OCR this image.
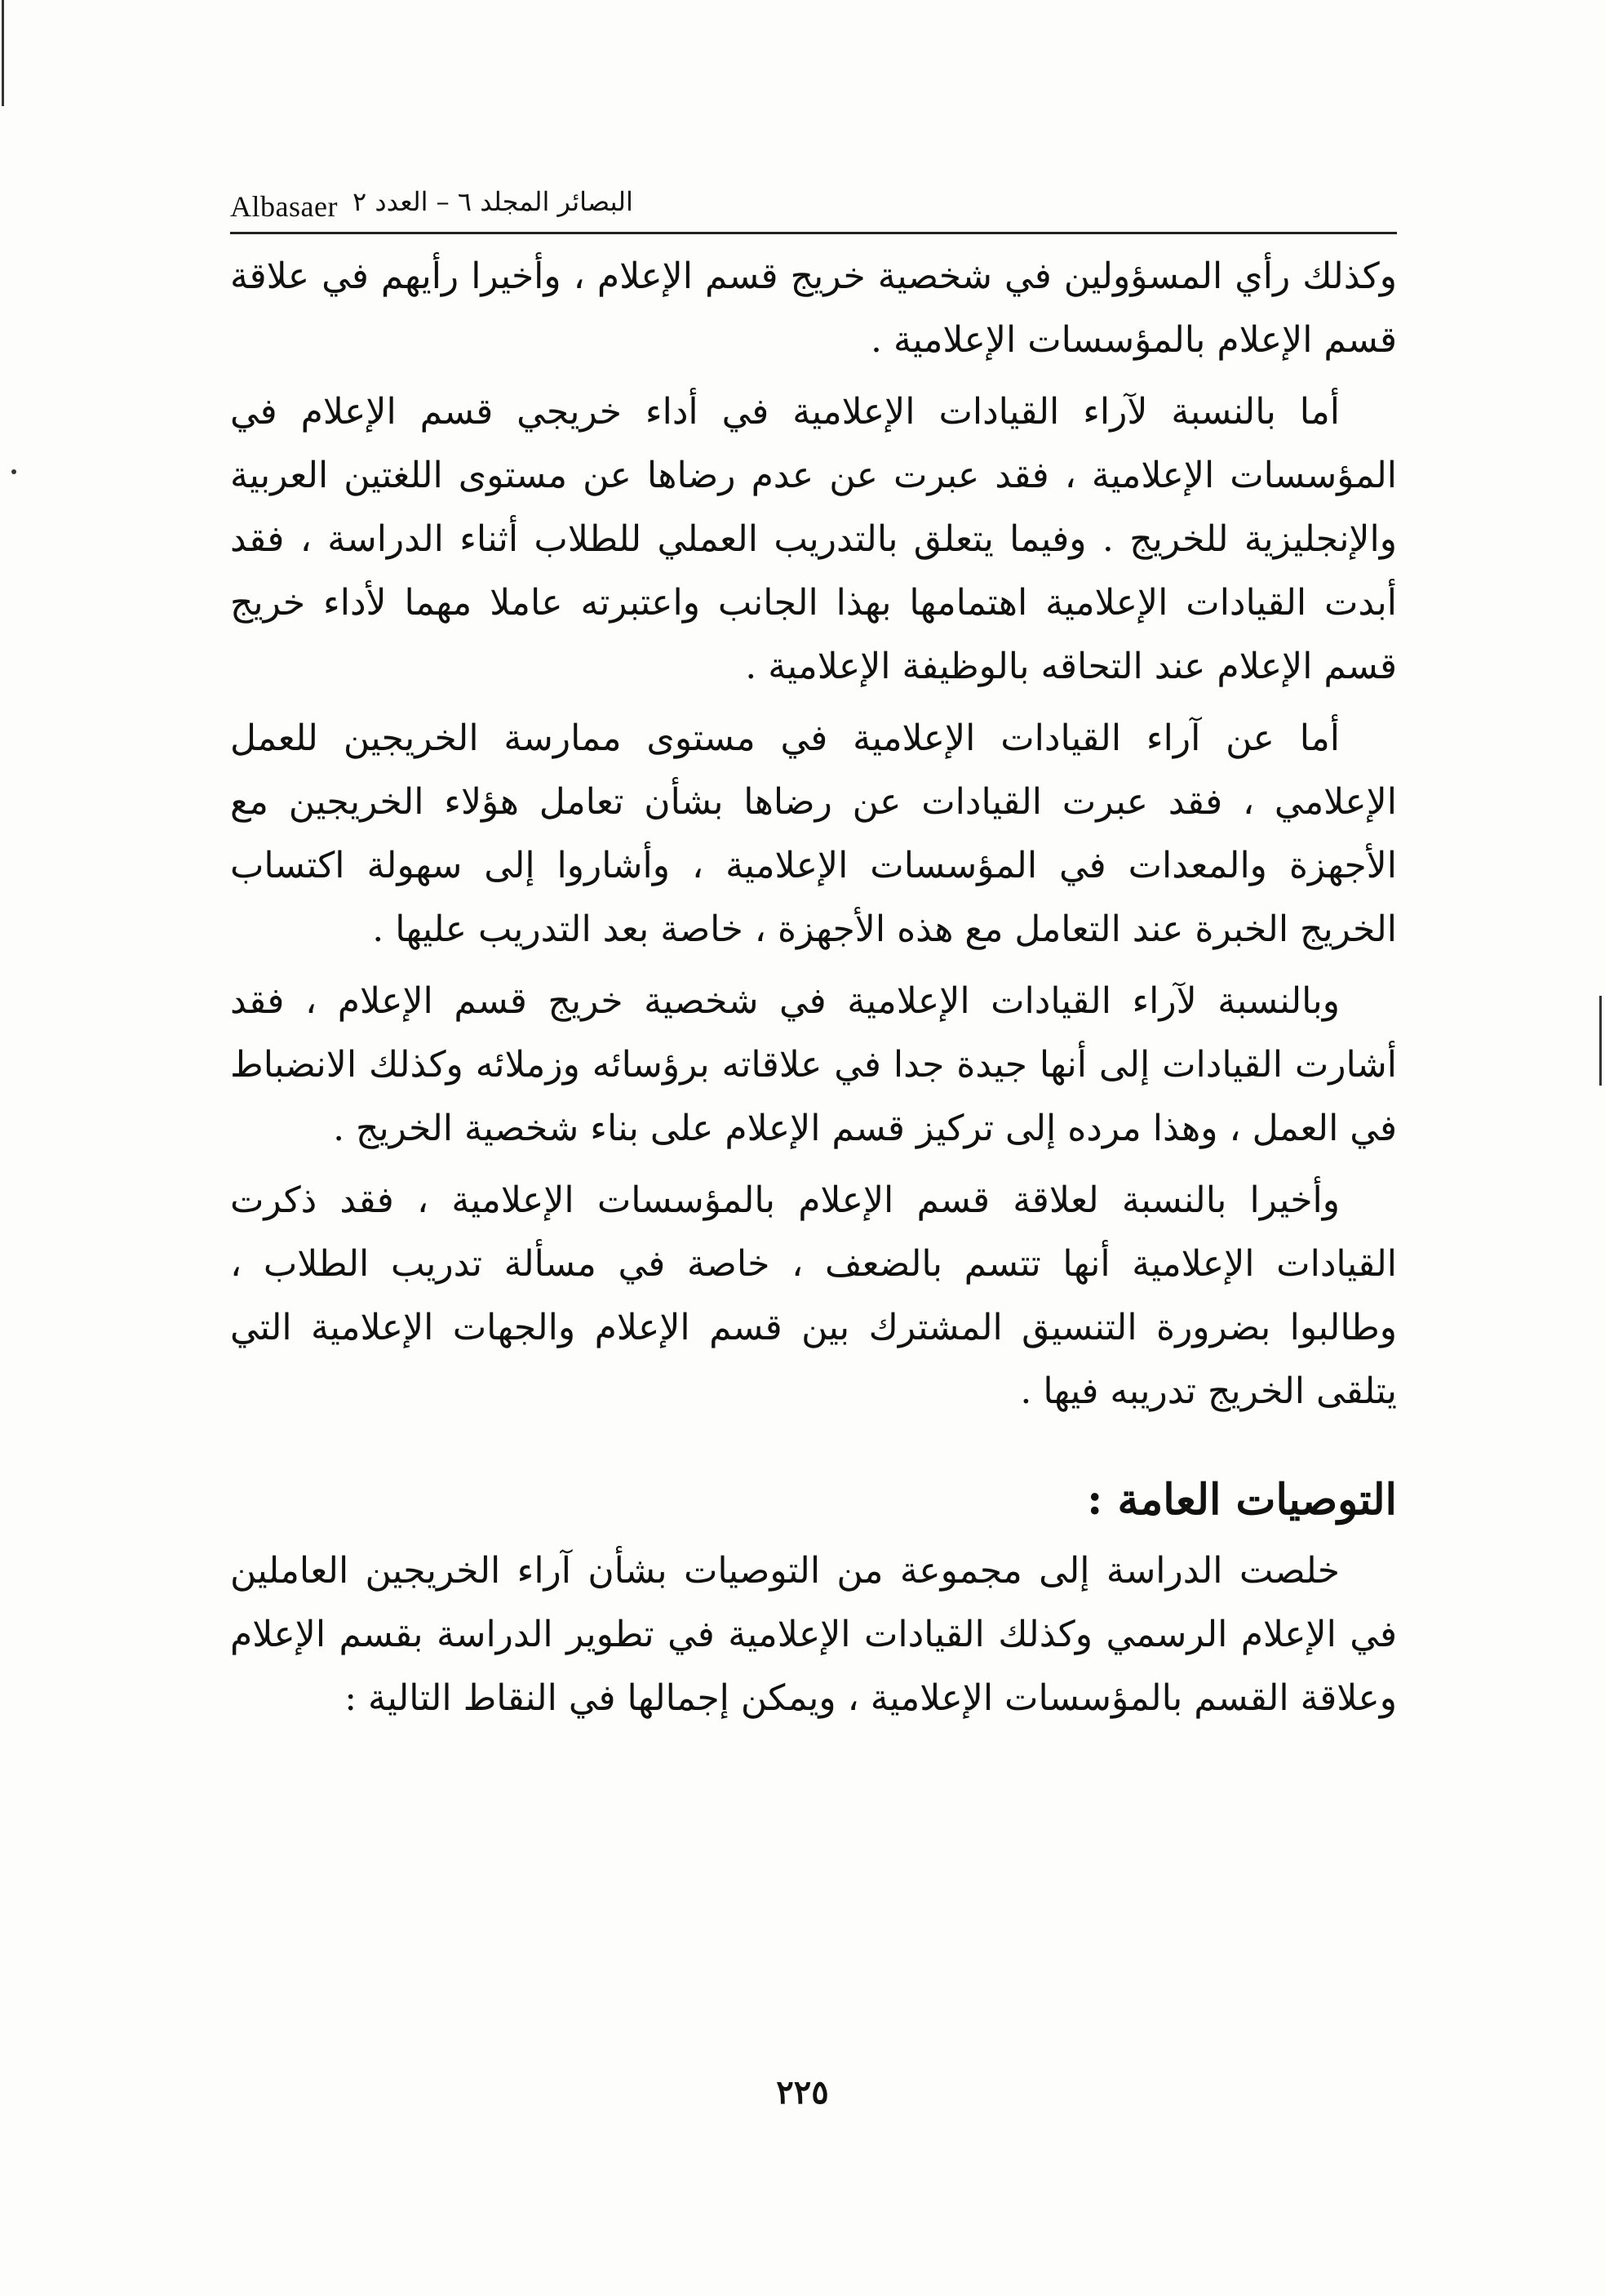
Albasaer البصائر المجلد ٦ – العدد ٢

وكذلك رأي المسؤولين في شخصية خريج قسم الإعلام ، وأخيرا رأيهم في علاقة قسم الإعلام بالمؤسسات الإعلامية .

أما بالنسبة لآراء القيادات الإعلامية في أداء خريجي قسم الإعلام في المؤسسات الإعلامية ، فقد عبرت عن عدم رضاها عن مستوى اللغتين العربية والإنجليزية للخريج . وفيما يتعلق بالتدريب العملي للطلاب أثناء الدراسة ، فقد أبدت القيادات الإعلامية اهتمامها بهذا الجانب واعتبرته عاملا مهما لأداء خريج قسم الإعلام عند التحاقه بالوظيفة الإعلامية .

أما عن آراء القيادات الإعلامية في مستوى ممارسة الخريجين للعمل الإعلامي ، فقد عبرت القيادات عن رضاها بشأن تعامل هؤلاء الخريجين مع الأجهزة والمعدات في المؤسسات الإعلامية ، وأشاروا إلى سهولة اكتساب الخريج الخبرة عند التعامل مع هذه الأجهزة ، خاصة بعد التدريب عليها .

وبالنسبة لآراء القيادات الإعلامية في شخصية خريج قسم الإعلام ، فقد أشارت القيادات إلى أنها جيدة جدا في علاقاته برؤسائه وزملائه وكذلك الانضباط في العمل ، وهذا مرده إلى تركيز قسم الإعلام على بناء شخصية الخريج .

وأخيرا بالنسبة لعلاقة قسم الإعلام بالمؤسسات الإعلامية ، فقد ذكرت القيادات الإعلامية أنها تتسم بالضعف ، خاصة في مسألة تدريب الطلاب ، وطالبوا بضرورة التنسيق المشترك بين قسم الإعلام والجهات الإعلامية التي يتلقى الخريج تدريبه فيها .

التوصيات العامة :

خلصت الدراسة إلى مجموعة من التوصيات بشأن آراء الخريجين العاملين في الإعلام الرسمي وكذلك القيادات الإعلامية في تطوير الدراسة بقسم الإعلام وعلاقة القسم بالمؤسسات الإعلامية ، ويمكن إجمالها في النقاط التالية :

٢٢٥
